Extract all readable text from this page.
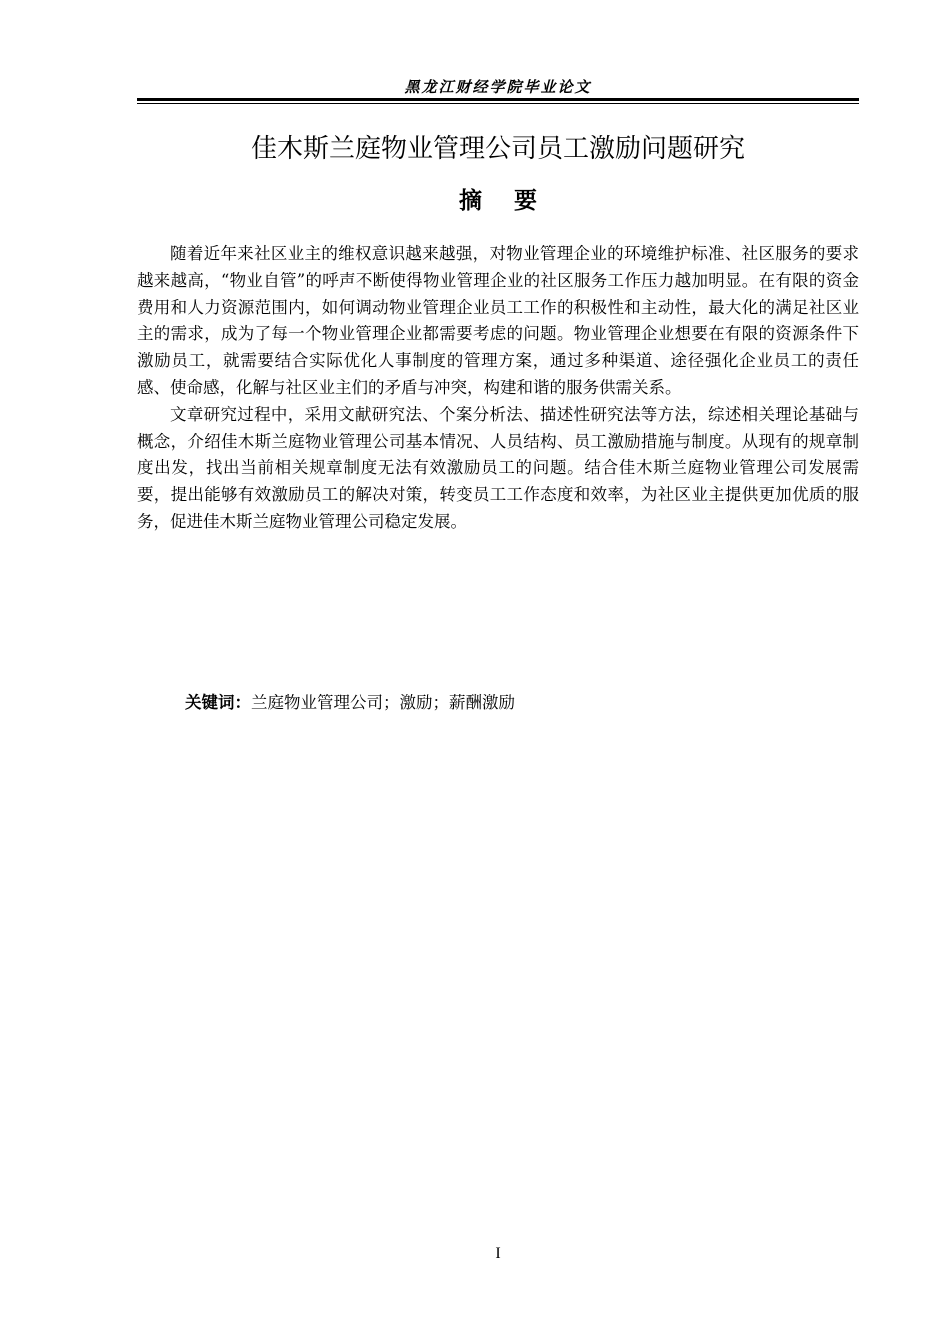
黑龙江财经学院毕业论文
佳木斯兰庭物业管理公司员工激励问题研究
摘    要

随着近年来社区业主的维权意识越来越强，对物业管理企业的环境维护标准、社区服务的要求越来越高，“物业自管”的呼声不断使得物业管理企业的社区服务工作压力越加明显。在有限的资金费用和人力资源范围内，如何调动物业管理企业员工工作的积极性和主动性，最大化的满足社区业主的需求，成为了每一个物业管理企业都需要考虑的问题。物业管理企业想要在有限的资源条件下激励员工，就需要结合实际优化人事制度的管理方案，通过多种渠道、途径强化企业员工的责任感、使命感，化解与社区业主们的矛盾与冲突，构建和谐的服务供需关系。

文章研究过程中，采用文献研究法、个案分析法、描述性研究法等方法，综述相关理论基础与概念，介绍佳木斯兰庭物业管理公司基本情况、人员结构、员工激励措施与制度。从现有的规章制度出发，找出当前相关规章制度无法有效激励员工的问题。结合佳木斯兰庭物业管理公司发展需要，提出能够有效激励员工的解决对策，转变员工工作态度和效率，为社区业主提供更加优质的服务，促进佳木斯兰庭物业管理公司稳定发展。

关键词：兰庭物业管理公司；激励；薪酬激励
I
